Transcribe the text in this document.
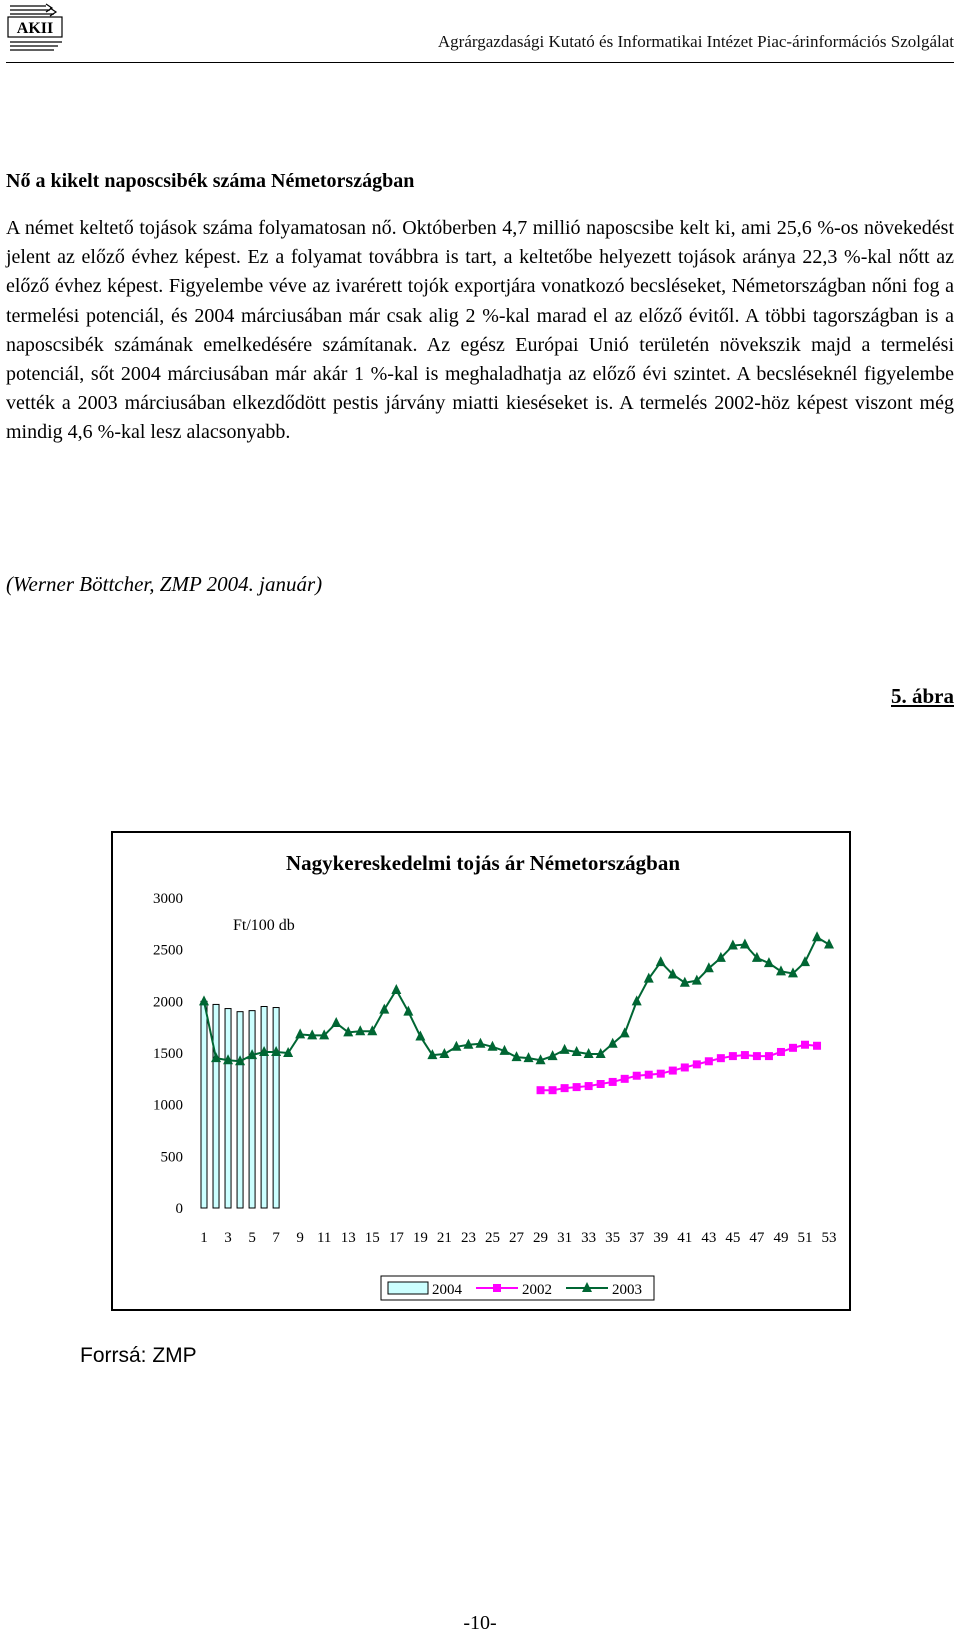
AKII
Agrárgazdasági Kutató és Informatikai Intézet Piac-árinformációs Szolgálat
Nő a kikelt naposcsibék száma Németországban

A német keltető tojások száma folyamatosan nő. Októberben 4,7 millió naposcsibe kelt ki, ami 25,6 %-os növekedést jelent az előző évhez képest. Ez a folyamat továbbra is tart, a keltetőbe helyezett tojások aránya 22,3 %-kal nőtt az előző évhez képest. Figyelembe véve az ivarérett tojók exportjára vonatkozó becsléseket, Németországban nőni fog a termelési potenciál, és 2004 márciusában már csak alig 2 %-kal marad el az előző évitől. A többi tagországban is a naposcsibék számának emelkedésére számítanak. Az egész Európai Unió területén növekszik majd a termelési potenciál, sőt 2004 márciusában már akár 1 %-kal is meghaladhatja az előző évi szintet. A becsléseknél figyelembe vették a 2003 márciusában elkezdődött pestis járvány miatti kieséseket is. A termelés 2002-höz képest viszont még mindig 4,6 %-kal lesz alacsonyabb.

(Werner Böttcher, ZMP 2004. január)
5. ábra
Nagykereskedelmi tojás ár Németországban
Ft/100 db
0
500
1000
1500
2000
2500
3000
1 3 5 7 9 11 13 15 17 19 21 23 25 27 29 31 33 35 37 39 41 43 45 47 49 51 53
2004	2002	2003
Forrsá: ZMP
-10-
